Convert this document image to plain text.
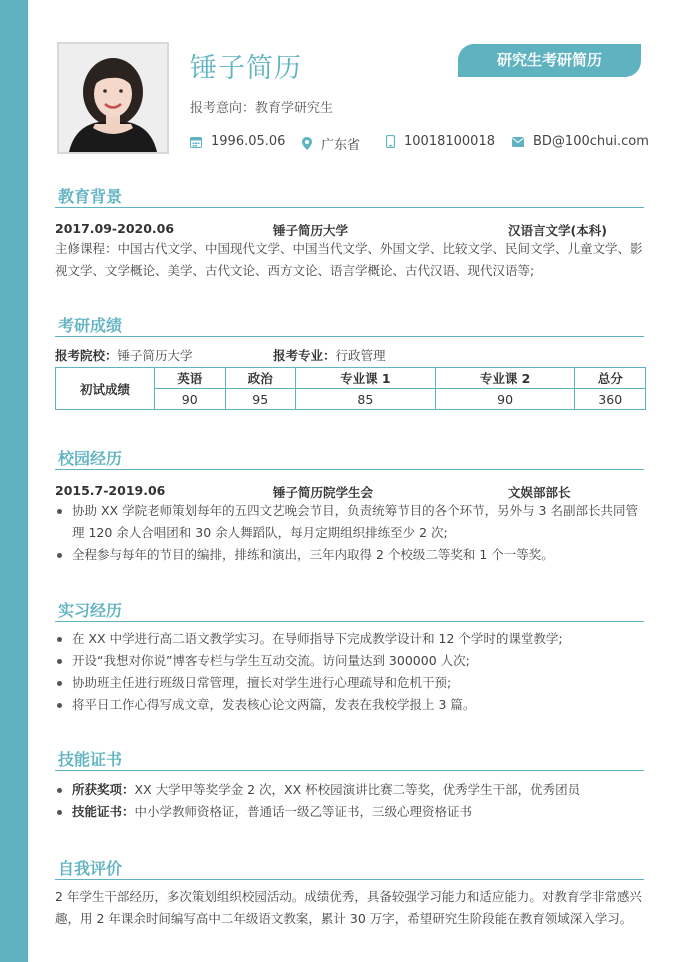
锤子简历
报考意向：教育学研究生
研究生考研简历
1996.05.06	广东省	10018100018	BD@100chui.com
教育背景
2017.09-2020.06	锤子简历大学	汉语言文学(本科)
主修课程：中国古代文学、中国现代文学、中国当代文学、外国文学、比较文学、民间文学、儿童文学、影视文学、文学概论、美学、古代文论、西方文论、语言学概论、古代汉语、现代汉语等;
考研成绩
报考院校：锤子简历大学	报考专业：行政管理
初试成绩	英语	政治	专业课 1	专业课 2	总分
	90	95	85	90	360
校园经历
2015.7-2019.06	锤子简历院学生会	文娱部部长
协助 XX 学院老师策划每年的五四文艺晚会节目，负责统筹节目的各个环节，另外与 3 名副部长共同管理 120 余人合唱团和 30 余人舞蹈队，每月定期组织排练至少 2 次;
全程参与每年的节目的编排，排练和演出，三年内取得 2 个校级二等奖和 1 个一等奖。
实习经历
在 XX 中学进行高二语文教学实习。在导师指导下完成教学设计和 12 个学时的课堂教学;
开设“我想对你说”博客专栏与学生互动交流。访问量达到 300000 人次;
协助班主任进行班级日常管理，擅长对学生进行心理疏导和危机干预;
将平日工作心得写成文章，发表核心论文两篇，发表在我校学报上 3 篇。
技能证书
所获奖项：XX 大学甲等奖学金 2 次，XX 杯校园演讲比赛二等奖，优秀学生干部，优秀团员
技能证书：中小学教师资格证，普通话一级乙等证书，三级心理资格证书
自我评价
2 年学生干部经历，多次策划组织校园活动。成绩优秀，具备较强学习能力和适应能力。对教育学非常感兴趣，用 2 年课余时间编写高中二年级语文教案，累计 30 万字，希望研究生阶段能在教育领域深入学习。
